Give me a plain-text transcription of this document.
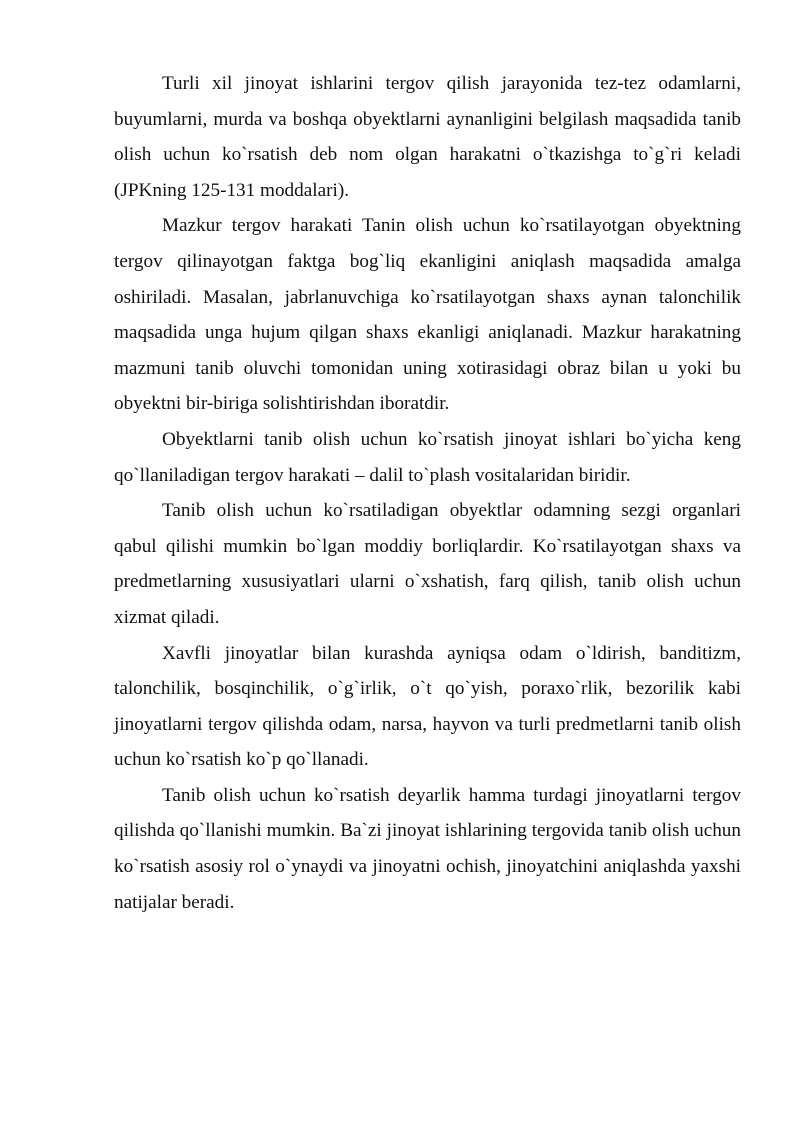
Turli xil jinoyat ishlarini tergov qilish jarayonida tez-tez odamlarni, buyumlarni, murda va boshqa obyektlarni aynanligini belgilash maqsadida tanib olish uchun ko`rsatish deb nom olgan harakatni o`tkazishga to`g`ri keladi (JPKning 125-131 moddalari).

Mazkur tergov harakati Tanin olish uchun ko`rsatilayotgan obyektning tergov qilinayotgan faktga bog`liq ekanligini aniqlash maqsadida amalga oshiriladi. Masalan, jabrlanuvchiga ko`rsatilayotgan shaxs aynan talonchilik maqsadida unga hujum qilgan shaxs ekanligi aniqlanadi. Mazkur harakatning mazmuni tanib oluvchi tomonidan uning xotirasidagi obraz bilan u yoki bu obyektni bir-biriga solishtirishdan iboratdir.

Obyektlarni tanib olish uchun ko`rsatish jinoyat ishlari bo`yicha keng qo`llaniladigan tergov harakati – dalil to`plash vositalaridan biridir.

Tanib olish uchun ko`rsatiladigan obyektlar odamning sezgi organlari qabul qilishi mumkin bo`lgan moddiy borliqlardir. Ko`rsatilayotgan shaxs va predmetlarning xususiyatlari ularni o`xshatish, farq qilish, tanib olish uchun xizmat qiladi.

Xavfli jinoyatlar bilan kurashda ayniqsa odam o`ldirish, banditizm, talonchilik, bosqinchilik, o`g`irlik, o`t qo`yish, poraxo`rlik, bezorilik kabi jinoyatlarni tergov qilishda odam, narsa, hayvon va turli predmetlarni tanib olish uchun ko`rsatish ko`p qo`llanadi.

Tanib olish uchun ko`rsatish deyarlik hamma turdagi jinoyatlarni tergov qilishda qo`llanishi mumkin. Ba`zi jinoyat ishlarining tergovida tanib olish uchun ko`rsatish asosiy rol o`ynaydi va jinoyatni ochish, jinoyatchini aniqlashda yaxshi natijalar beradi.
